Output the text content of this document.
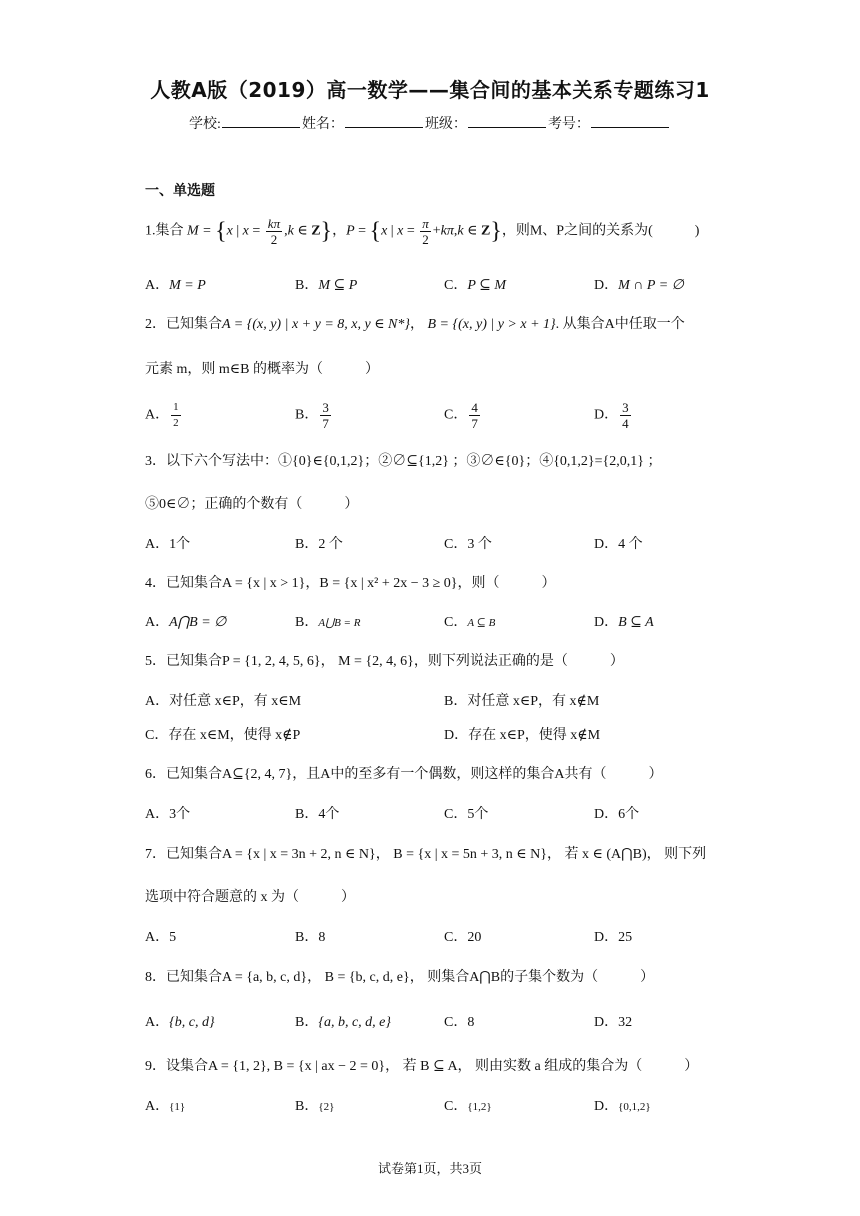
人教A版（2019）高一数学——集合间的基本关系专题练习1
学校:	姓名：	班级：	考号：
一、单选题
1.集合 M = {x | $x = \frac{k\pi}{2} ,k$ ∈ Z}，P = {x | $x = \frac{\pi}{2} +k\pi,k$ ∈ Z}，则M、P之间的关系为(　　　)
A．M = P	B．M ⊆ P	C．P ⊆ M	D．M ∩ P = ∅
2．已知集合A = {(x, y) | x + y = 8, x, y ∈ N*}， B = {(x, y) | y > x + 1}. 从集合A中任取一个
元素 m，则 m∈B 的概率为（　　　）
A． $\frac{1}{2}$	B． $\frac{3}{7}$	C． $\frac{4}{7}$	D． $\frac{3}{4}$
3．以下六个写法中：①{0}∈{0,1,2}；②∅⊆{1,2} ；③∅∈{0}；④{0,1,2}={2,0,1} ；
⑤0∈∅；正确的个数有（　　　）
A．1个	B．2 个	C．3 个	D．4 个
4．已知集合A = {x | x > 1}，B = {x | x² + 2x − 3 ≥ 0}，则（　　　）
A．A⋂B = ∅	B．A⋃B = R	C．A ⊆ B	D．B ⊆ A
5．已知集合P = {1, 2, 4, 5, 6}， M = {2, 4, 6}，则下列说法正确的是（　　　）
A．对任意 x∈P，有 x∈M	B．对任意 x∈P，有 x∉M
C．存在 x∈M，使得 x∉P	D．存在 x∈P，使得 x∉M
6．已知集合A⊆{2, 4, 7}，且A中的至多有一个偶数，则这样的集合A共有（　　　）
A．3个	B．4个	C．5个	D．6个
7．已知集合A = {x | x = 3n + 2, n ∈ N}， B = {x | x = 5n + 3, n ∈ N}， 若 x ∈ (A⋂B)， 则下列
选项中符合题意的 x 为（　　　）
A．5	B．8	C．20	D．25
8．已知集合A = {a, b, c, d}， B = {b, c, d, e}， 则集合A⋂B的子集个数为（　　　）
A．{b, c, d}	B．{a, b, c, d, e}	C．8	D．32
9．设集合A = {1, 2}, B = {x | ax − 2 = 0}， 若 B ⊆ A， 则由实数 a 组成的集合为（　　　）
A．{1}	B．{2}	C．{1,2}	D．{0,1,2}
试卷第1页，共3页
